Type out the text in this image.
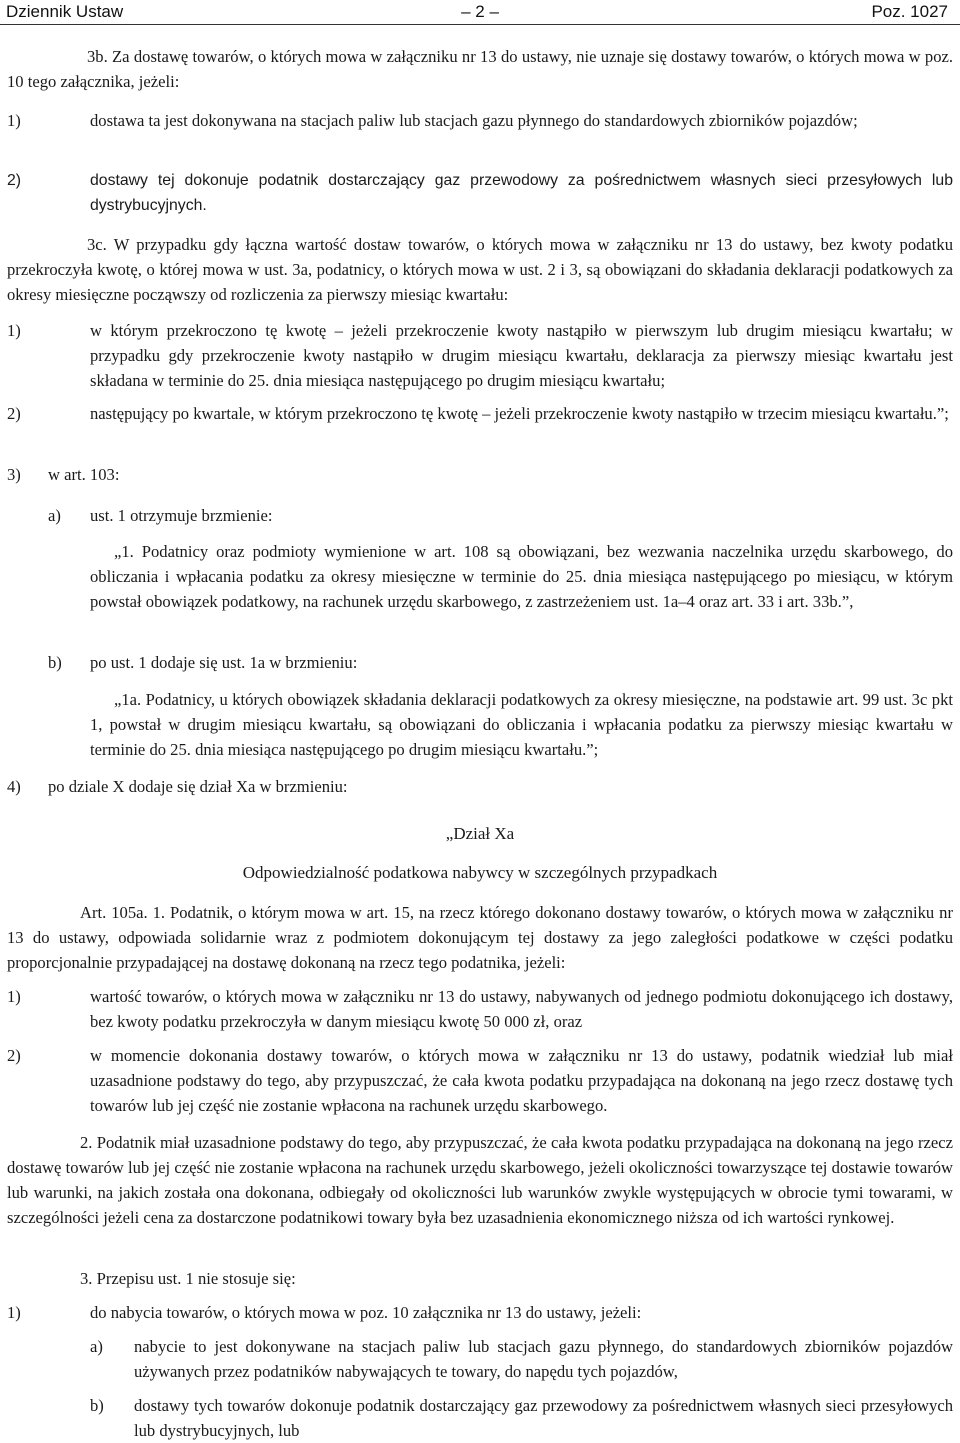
Dziennik Ustaw	– 2 –	Poz. 1027
3b. Za dostawę towarów, o których mowa w załączniku nr 13 do ustawy, nie uznaje się dostawy towarów, o których mowa w poz. 10 tego załącznika, jeżeli:
1)	dostawa ta jest dokonywana na stacjach paliw lub stacjach gazu płynnego do standardowych zbiorników pojazdów;
2)	dostawy tej dokonuje podatnik dostarczający gaz przewodowy za pośrednictwem własnych sieci przesyłowych lub dystrybucyjnych.
3c. W przypadku gdy łączna wartość dostaw towarów, o których mowa w załączniku nr 13 do ustawy, bez kwoty podatku przekroczyła kwotę, o której mowa w ust. 3a, podatnicy, o których mowa w ust. 2 i 3, są obowiązani do składania deklaracji podatkowych za okresy miesięczne począwszy od rozliczenia za pierwszy miesiąc kwartału:
1)	w którym przekroczono tę kwotę – jeżeli przekroczenie kwoty nastąpiło w pierwszym lub drugim miesiącu kwartału; w przypadku gdy przekroczenie kwoty nastąpiło w drugim miesiącu kwartału, deklaracja za pierwszy miesiąc kwartału jest składana w terminie do 25. dnia miesiąca następującego po drugim miesiącu kwartału;
2)	następujący po kwartale, w którym przekroczono tę kwotę – jeżeli przekroczenie kwoty nastąpiło w trzecim miesiącu kwartału.”;
3) w art. 103:
a) ust. 1 otrzymuje brzmienie:
„1. Podatnicy oraz podmioty wymienione w art. 108 są obowiązani, bez wezwania naczelnika urzędu skarbowego, do obliczania i wpłacania podatku za okresy miesięczne w terminie do 25. dnia miesiąca następującego po miesiącu, w którym powstał obowiązek podatkowy, na rachunek urzędu skarbowego, z zastrzeżeniem ust. 1a–4 oraz art. 33 i art. 33b.”,
b) po ust. 1 dodaje się ust. 1a w brzmieniu:
„1a. Podatnicy, u których obowiązek składania deklaracji podatkowych za okresy miesięczne, na podstawie art. 99 ust. 3c pkt 1, powstał w drugim miesiącu kwartału, są obowiązani do obliczania i wpłacania podatku za pierwszy miesiąc kwartału w terminie do 25. dnia miesiąca następującego po drugim miesiącu kwartału.”;
4) po dziale X dodaje się dział Xa w brzmieniu:
„Dział Xa
Odpowiedzialność podatkowa nabywcy w szczególnych przypadkach
Art. 105a. 1. Podatnik, o którym mowa w art. 15, na rzecz którego dokonano dostawy towarów, o których mowa w załączniku nr 13 do ustawy, odpowiada solidarnie wraz z podmiotem dokonującym tej dostawy za jego zaległości podatkowe w części podatku proporcjonalnie przypadającej na dostawę dokonaną na rzecz tego podatnika, jeżeli:
1)	wartość towarów, o których mowa w załączniku nr 13 do ustawy, nabywanych od jednego podmiotu dokonującego ich dostawy, bez kwoty podatku przekroczyła w danym miesiącu kwotę 50 000 zł, oraz
2)	w momencie dokonania dostawy towarów, o których mowa w załączniku nr 13 do ustawy, podatnik wiedział lub miał uzasadnione podstawy do tego, aby przypuszczać, że cała kwota podatku przypadająca na dokonaną na jego rzecz dostawę tych towarów lub jej część nie zostanie wpłacona na rachunek urzędu skarbowego.
2. Podatnik miał uzasadnione podstawy do tego, aby przypuszczać, że cała kwota podatku przypadająca na dokonaną na jego rzecz dostawę towarów lub jej część nie zostanie wpłacona na rachunek urzędu skarbowego, jeżeli okoliczności towarzyszące tej dostawie towarów lub warunki, na jakich została ona dokonana, odbiegały od okoliczności lub warunków zwykle występujących w obrocie tymi towarami, w szczególności jeżeli cena za dostarczone podatnikowi towary była bez uzasadnienia ekonomicznego niższa od ich wartości rynkowej.
3. Przepisu ust. 1 nie stosuje się:
1)	do nabycia towarów, o których mowa w poz. 10 załącznika nr 13 do ustawy, jeżeli:
a) nabycie to jest dokonywane na stacjach paliw lub stacjach gazu płynnego, do standardowych zbiorników pojazdów używanych przez podatników nabywających te towary, do napędu tych pojazdów,
b) dostawy tych towarów dokonuje podatnik dostarczający gaz przewodowy za pośrednictwem własnych sieci przesyłowych lub dystrybucyjnych, lub
